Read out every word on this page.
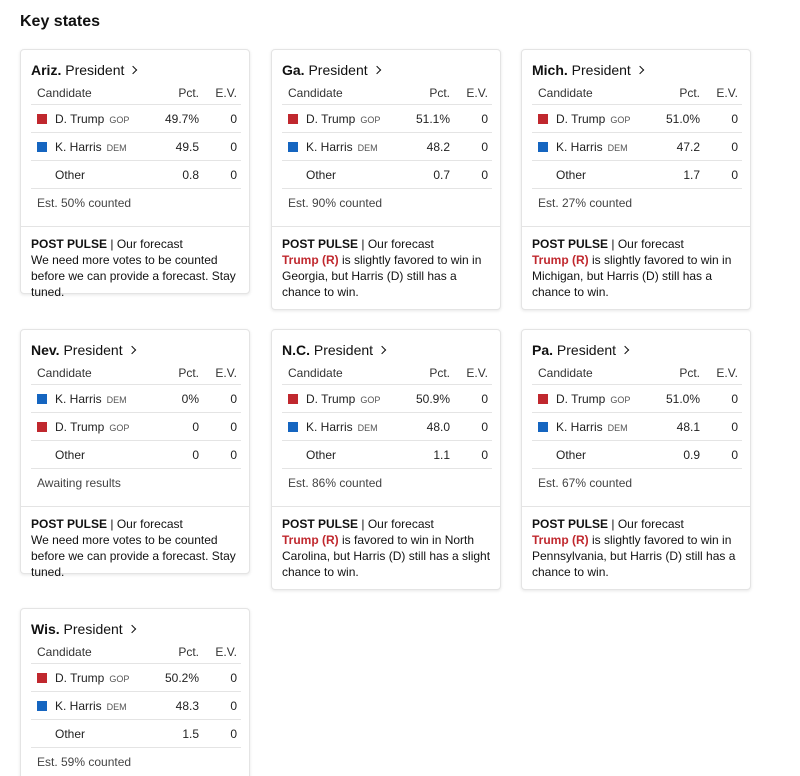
Key states
Ariz. President
Candidate	Pct. E.V.
D. Trump GOP	49.7%	0
K. Harris DEM	49.5	0
Other	0.8	0
Est. 50% counted
POST PULSE | Our forecast
We need more votes to be counted before we can provide a forecast. Stay tuned.
Ga. President
Candidate	Pct. E.V.
D. Trump GOP	51.1%	0
K. Harris DEM	48.2	0
Other	0.7	0
Est. 90% counted
POST PULSE | Our forecast
Trump (R) is slightly favored to win in Georgia, but Harris (D) still has a chance to win.
Mich. President
Candidate	Pct. E.V.
D. Trump GOP	51.0%	0
K. Harris DEM	47.2	0
Other	1.7	0
Est. 27% counted
POST PULSE | Our forecast
Trump (R) is slightly favored to win in Michigan, but Harris (D) still has a chance to win.
Nev. President
Candidate	Pct. E.V.
K. Harris DEM	0%	0
D. Trump GOP	0	0
Other	0	0
Awaiting results
POST PULSE | Our forecast
We need more votes to be counted before we can provide a forecast. Stay tuned.
N.C. President
Candidate	Pct. E.V.
D. Trump GOP	50.9%	0
K. Harris DEM	48.0	0
Other	1.1	0
Est. 86% counted
POST PULSE | Our forecast
Trump (R) is favored to win in North Carolina, but Harris (D) still has a slight chance to win.
Pa. President
Candidate	Pct. E.V.
D. Trump GOP	51.0%	0
K. Harris DEM	48.1	0
Other	0.9	0
Est. 67% counted
POST PULSE | Our forecast
Trump (R) is slightly favored to win in Pennsylvania, but Harris (D) still has a chance to win.
Wis. President
Candidate	Pct. E.V.
D. Trump GOP	50.2%	0
K. Harris DEM	48.3	0
Other	1.5	0
Est. 59% counted
